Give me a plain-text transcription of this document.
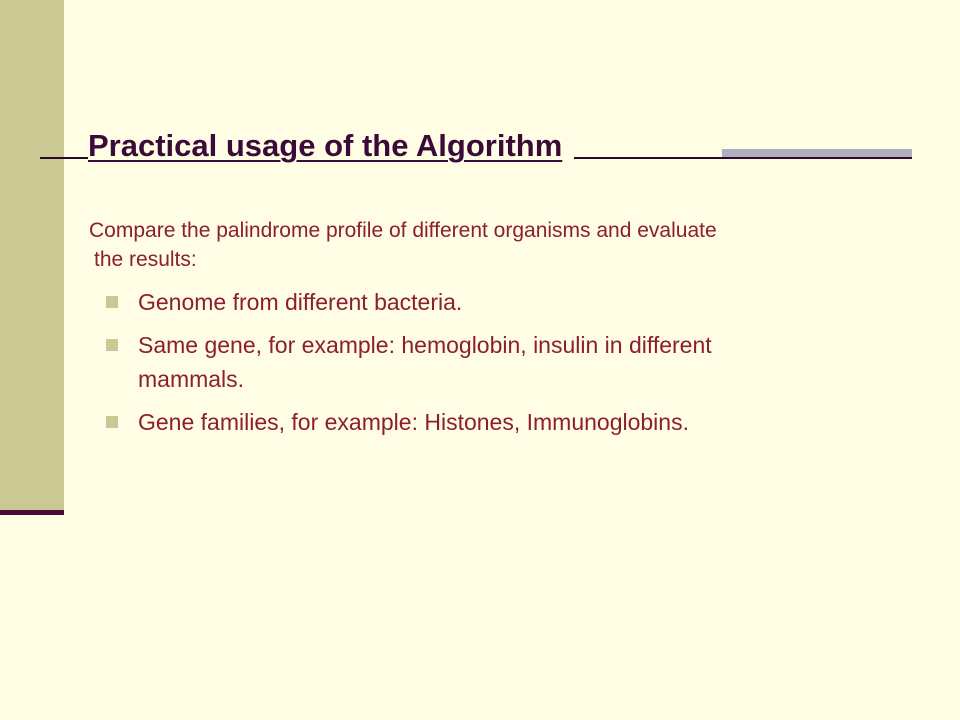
Practical usage of the Algorithm

Compare the palindrome profile of different organisms and evaluate
the results:

Genome from different bacteria.
Same gene, for example: hemoglobin, insulin in different
mammals.
Gene families, for example: Histones, Immunoglobins.
